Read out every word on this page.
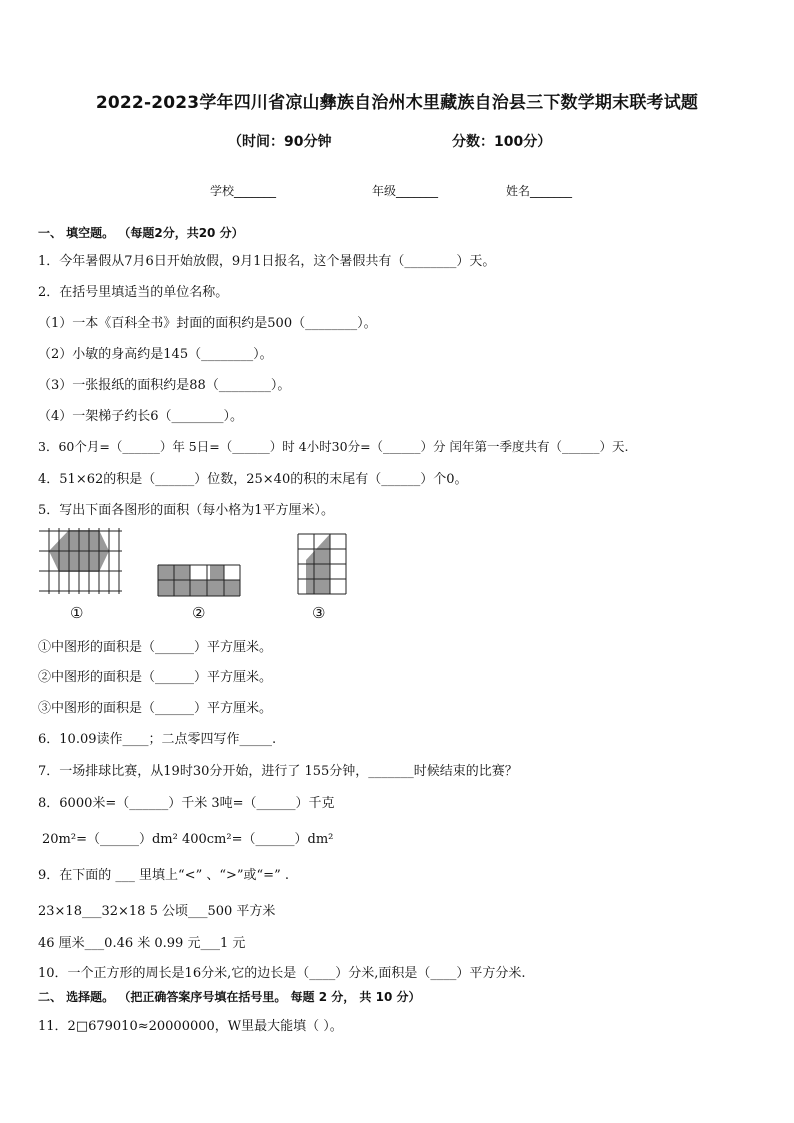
2022-2023学年四川省凉山彝族自治州木里藏族自治县三下数学期末联考试题
（时间：90分钟	分数：100分）
学校_______	年级_______	姓名_______
一、 填空题。 （每题2分，共20 分）
1．今年暑假从7月6日开始放假，9月1日报名，这个暑假共有（________）天。
2．在括号里填适当的单位名称。
（1）一本《百科全书》封面的面积约是500（________）。
（2）小敏的身高约是145（________）。
（3）一张报纸的面积约是88（________）。
（4）一架梯子约长6（________）。
3．60个月=（______）年 5日=（______）时 4小时30分=（______）分 闰年第一季度共有（______）天.
4．51×62的积是（______）位数，25×40的积的末尾有（______）个0。
5．写出下面各图形的面积（每小格为1平方厘米）。
①	②	③
①中图形的面积是（______）平方厘米。
②中图形的面积是（______）平方厘米。
③中图形的面积是（______）平方厘米。
6．10.09读作____；二点零四写作_____.
7．一场排球比赛，从19时30分开始，进行了 155分钟，_______时候结束的比赛？
8．6000米=（______）千米 3吨=（______）千克
20m²=（______）dm² 400cm²=（______）dm²
9．在下面的 ___ 里填上“<” 、“>”或“=” .
23×18___32×18 5 公顷___500 平方米
46 厘米___0.46 米 0.99 元___1 元
10．一个正方形的周长是16分米,它的边长是（____）分米,面积是（____）平方分米.
二、 选择题。 （把正确答案序号填在括号里。 每题 2 分， 共 10 分）
11．2□679010≈20000000，W里最大能填（ ）。
